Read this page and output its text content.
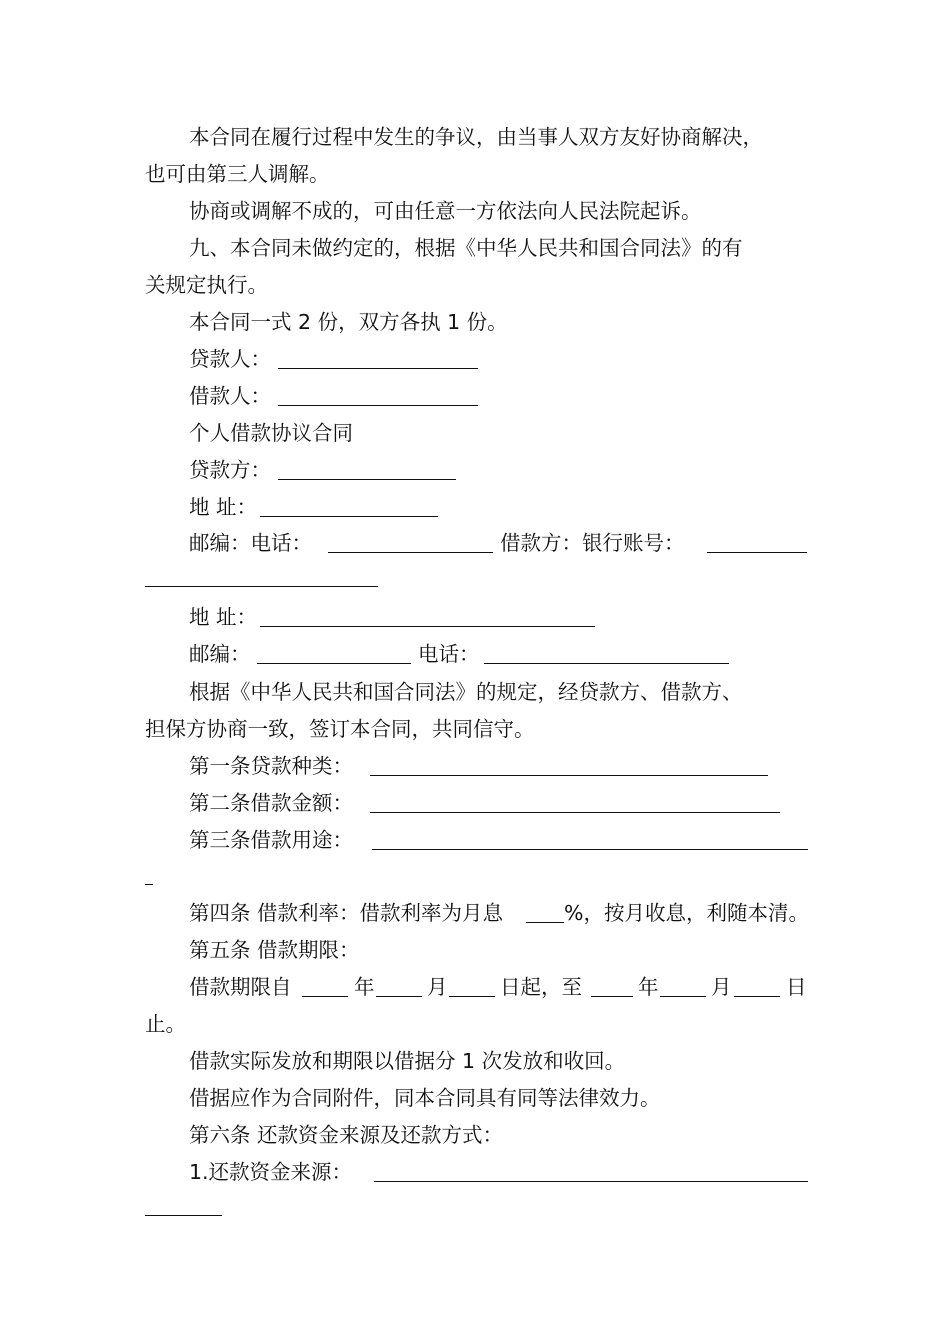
本合同在履行过程中发生的争议，由当事人双方友好协商解决，
也可由第三人调解。
协商或调解不成的，可由任意一方依法向人民法院起诉。
九、本合同未做约定的，根据《中华人民共和国合同法》的有
关规定执行。
本合同一式 2 份，双方各执 1 份。
贷款人：
借款人：
个人借款协议合同
贷款方：
地 址：
邮编：电话：	借款方：银行账号：
地 址：
邮编：	电话：
根据《中华人民共和国合同法》的规定，经贷款方、借款方、
担保方协商一致，签订本合同，共同信守。
第一条贷款种类：
第二条借款金额：
第三条借款用途：
第四条 借款利率：借款利率为月息	%，按月收息，利随本清。
第五条 借款期限：
借款期限自	年	月	日起，至	年	月	日
止。
借款实际发放和期限以借据分 1 次发放和收回。
借据应作为合同附件，同本合同具有同等法律效力。
第六条 还款资金来源及还款方式：
1.还款资金来源：
